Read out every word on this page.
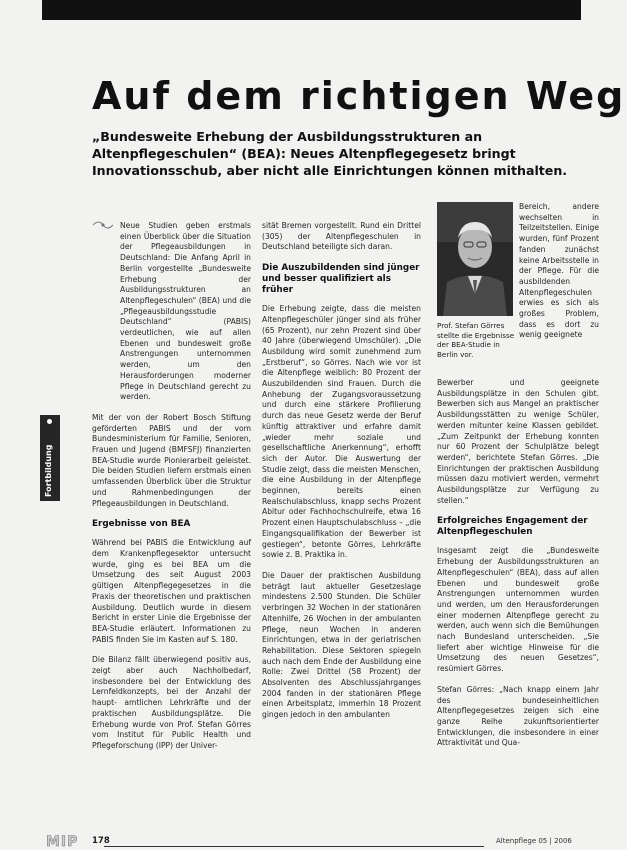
Auf dem richtigen Weg

„Bundesweite Erhebung der Ausbildungsstrukturen an Altenpflegeschulen“ (BEA): Neues Altenpflegegesetz bringt Innovationsschub, aber nicht alle Einrichtungen können mithalten.

Fortbildung

Neue Studien geben erstmals einen Überblick über die Situation der Pflegeausbildungen in Deutschland: Die Anfang April in Berlin vorgestellte „Bundesweite Erhebung der Ausbildungsstrukturen an Altenpflegeschulen“ (BEA) und die „Pflegeausbildungsstudie Deutschland“ (PABIS) verdeutlichen, wie auf allen Ebenen und bundesweit große Anstrengungen unternommen werden, um den Herausforderungen moderner Pflege in Deutschland gerecht zu werden.

Mit der von der Robert Bosch Stiftung geförderten PABIS und der vom Bundesministerium für Familie, Senioren, Frauen und Jugend (BMFSFJ) finanzierten BEA-Studie wurde Pionierarbeit geleistet. Die beiden Studien liefern erstmals einen umfassenden Überblick über die Struktur und Rahmenbedingungen der Pflegeausbildungen in Deutschland.

Ergebnisse von BEA

Während bei PABIS die Entwicklung auf dem Krankenpflegesektor untersucht wurde, ging es bei BEA um die Umsetzung des seit August 2003 gültigen Altenpflegegesetzes in die Praxis der theoretischen und praktischen Ausbildung. Deutlich wurde in diesem Bericht in erster Linie die Ergebnisse der BEA-Studie erläutert. Informationen zu PABIS finden Sie im Kasten auf S. 180.

Die Bilanz fällt überwiegend positiv aus, zeigt aber auch Nachholbedarf, insbesondere bei der Entwicklung des Lernfeldkonzepts, bei der Anzahl der haupt- amtlichen Lehrkräfte und der praktischen Ausbildungsplätze. Die Erhebung wurde von Prof. Stefan Görres vom Institut für Public Health und Pflegeforschung (IPP) der Univer-

sität Bremen vorgestellt. Rund ein Drittel (305) der Altenpflegeschulen in Deutschland beteiligte sich daran.

Die Auszubildenden sind jünger und besser qualifiziert als früher

Die Erhebung zeigte, dass die meisten Altenpflegeschüler jünger sind als früher (65 Prozent), nur zehn Prozent sind über 40 Jahre (überwiegend Umschüler). „Die Ausbildung wird somit zunehmend zum „Erstberuf“, so Görres. Nach wie vor ist die Altenpflege weiblich: 80 Prozent der Auszubildenden sind Frauen. Durch die Anhebung der Zugangsvoraussetzung und durch eine stärkere Profilierung durch das neue Gesetz werde der Beruf künftig attraktiver und erfahre damit „wieder mehr soziale und gesellschaftliche Anerkennung“, erhofft sich der Autor. Die Auswertung der Studie zeigt, dass die meisten Menschen, die eine Ausbildung in der Altenpflege beginnen, bereits einen Realschulabschluss, knapp sechs Prozent Abitur oder Fachhochschulreife, etwa 16 Prozent einen Hauptschulabschluss – „die Eingangsqualifikation der Bewerber ist gestiegen“, betonte Görres, Lehrkräfte sowie z. B. Praktika in.

Die Dauer der praktischen Ausbildung beträgt laut aktueller Gesetzeslage mindestens 2.500 Stunden. Die Schüler verbringen 32 Wochen in der stationären Altenhilfe, 26 Wochen in der ambulanten Pflege, neun Wochen in anderen Einrichtungen, etwa in der geriatrischen Rehabilitation. Diese Sektoren spiegeln auch nach dem Ende der Ausbildung eine Rolle: Zwei Drittel (58 Prozent) der Absolventen des Abschlussjahrganges 2004 fanden in der stationären Pflege einen Arbeitsplatz, immerhin 18 Prozent gingen jedoch in den ambulanten

Prof. Stefan Görres stellte die Ergebnisse der BEA-Studie in Berlin vor.

Bereich, andere wechselten in Teilzeitstellen. Einige wurden, fünf Prozent fanden zunächst keine Arbeitsstelle in der Pflege. Für die ausbildenden Altenpflegeschulen erwies es sich als großes Problem, dass es dort zu wenig geeignete

Bewerber und geeignete Ausbildungsplätze in den Schulen gibt. Bewerben sich aus Mangel an praktischer Ausbildungsstätten zu wenige Schüler, werden mitunter keine Klassen gebildet. „Zum Zeitpunkt der Erhebung konnten nur 60 Prozent der Schulplätze belegt werden“, berichtete Stefan Görres. „Die Einrichtungen der praktischen Ausbildung müssen dazu motiviert werden, vermehrt Ausbildungsplätze zur Verfügung zu stellen.“

Erfolgreiches Engagement der Altenpflegeschulen

Insgesamt zeigt die „Bundesweite Erhebung der Ausbildungsstrukturen an Altenpflegeschulen“ (BEA), dass auf allen Ebenen und bundesweit große Anstrengungen unternommen wurden und werden, um den Herausforderungen einer modernen Altenpflege gerecht zu werden, auch wenn sich die Bemühungen nach Bundesland unterscheiden. „Sie liefert aber wichtige Hinweise für die Umsetzung des neuen Gesetzes“, resümiert Görres.

Stefan Görres: „Nach knapp einem Jahr des bundeseinheitlichen Altenpflegegesetzes zeigen sich eine ganze Reihe zukunftsorientierter Entwicklungen, die insbesondere in einer Attraktivität und Qua-

MIP 178	Altenpflege 05 | 2006
